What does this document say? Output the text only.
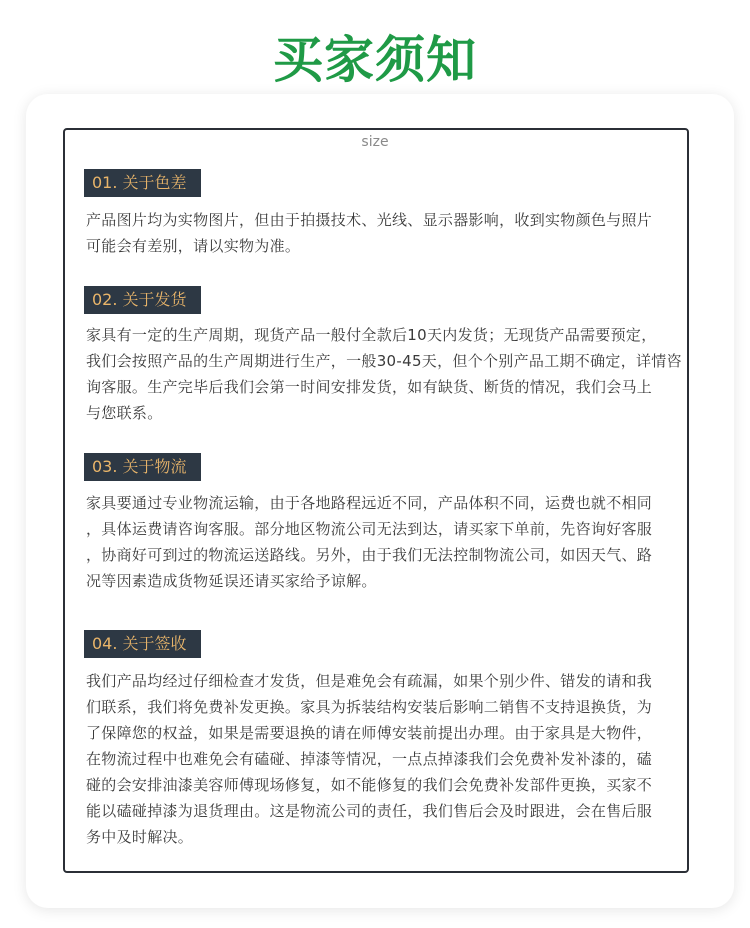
买家须知
size
01. 关于色差
产品图片均为实物图片，但由于拍摄技术、光线、显示器影响，收到实物颜色与照片
可能会有差别，请以实物为准。
02. 关于发货
家具有一定的生产周期，现货产品一般付全款后10天内发货；无现货产品需要预定，
我们会按照产品的生产周期进行生产，一般30-45天，但个个别产品工期不确定，详情咨
询客服。生产完毕后我们会第一时间安排发货，如有缺货、断货的情况，我们会马上
与您联系。
03. 关于物流
家具要通过专业物流运输，由于各地路程远近不同，产品体积不同，运费也就不相同
，具体运费请咨询客服。部分地区物流公司无法到达，请买家下单前，先咨询好客服
，协商好可到过的物流运送路线。另外，由于我们无法控制物流公司，如因天气、路
况等因素造成货物延误还请买家给予谅解。
04. 关于签收
我们产品均经过仔细检查才发货，但是难免会有疏漏，如果个别少件、错发的请和我
们联系，我们将免费补发更换。家具为拆装结构安装后影响二销售不支持退换货，为
了保障您的权益，如果是需要退换的请在师傅安装前提出办理。由于家具是大物件，
在物流过程中也难免会有磕碰、掉漆等情况，一点点掉漆我们会免费补发补漆的，磕
碰的会安排油漆美容师傅现场修复，如不能修复的我们会免费补发部件更换，买家不
能以磕碰掉漆为退货理由。这是物流公司的责任，我们售后会及时跟进，会在售后服
务中及时解决。
